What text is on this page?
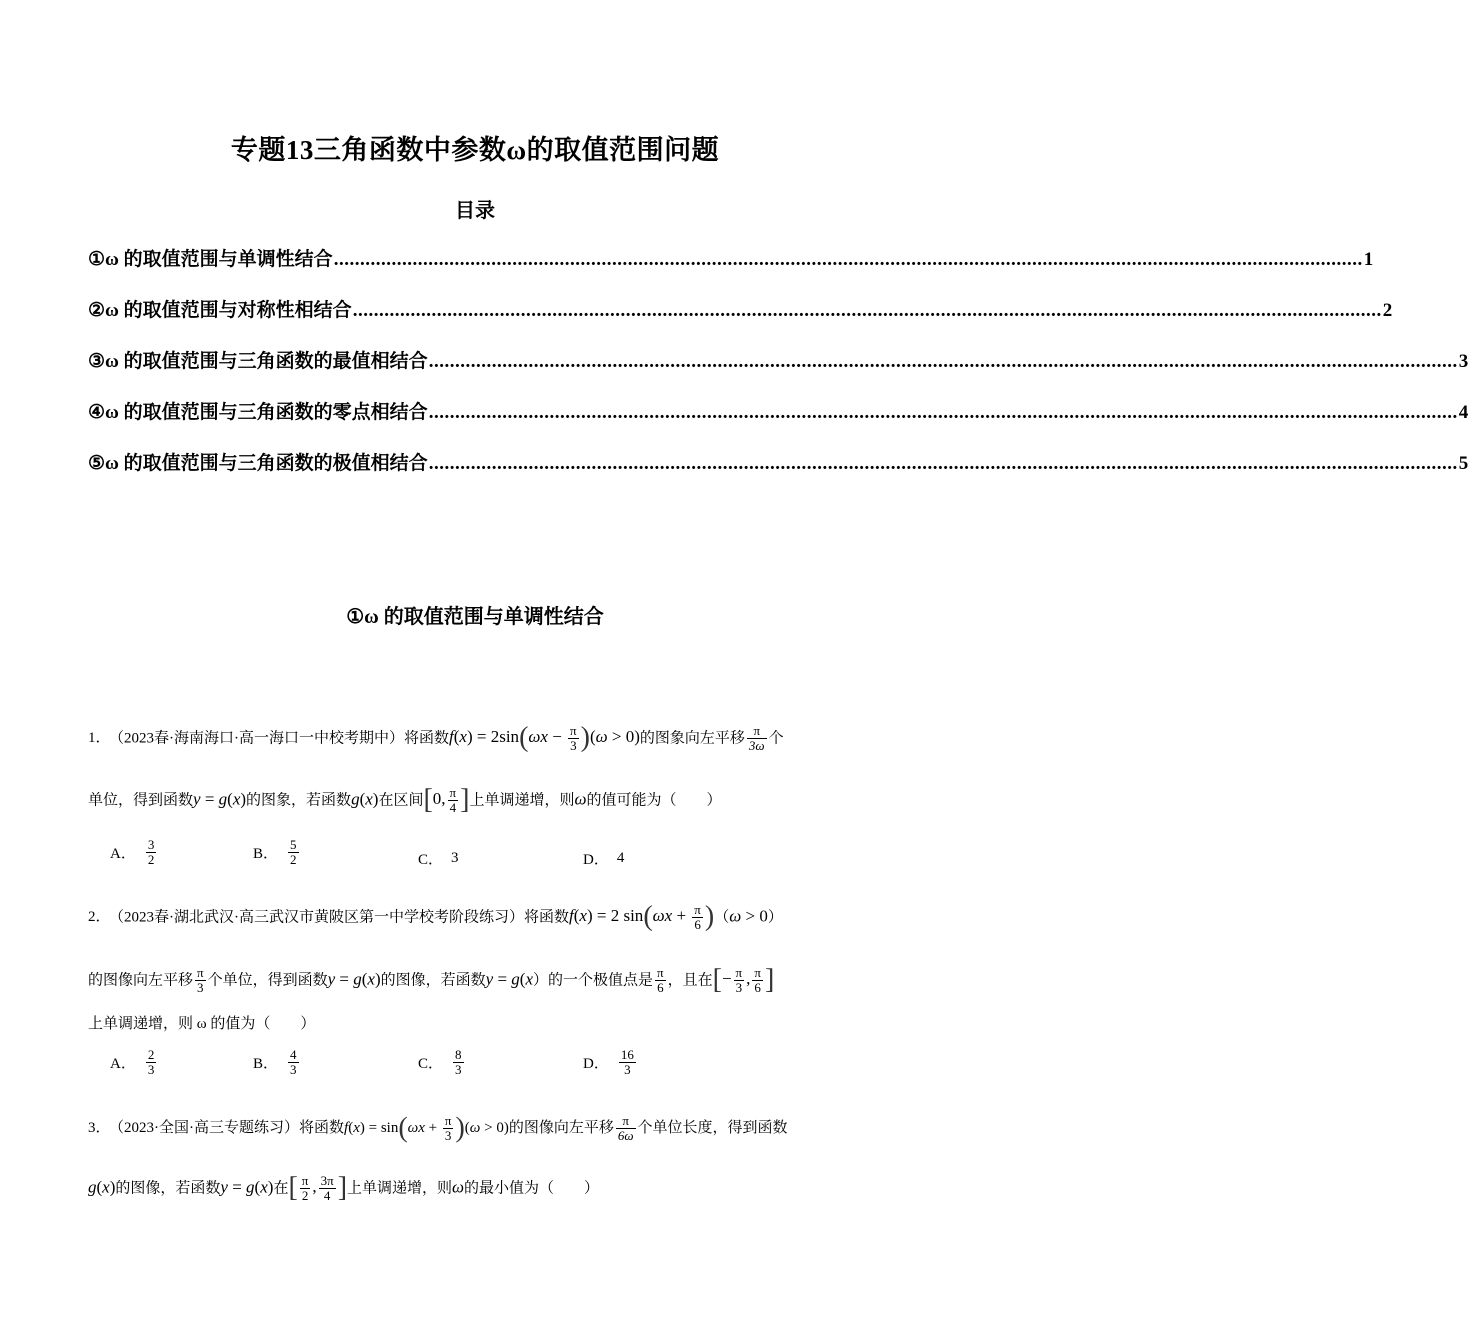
专题13三角函数中参数ω的取值范围问题
目录
①ω 的取值范围与单调性结合 .................................................................................................................................................................................................... 1
②ω 的取值范围与对称性相结合 .................................................................................................................................................................................................... 2
③ω 的取值范围与三角函数的最值相结合 .................................................................................................................................................................................................... 3
④ω 的取值范围与三角函数的零点相结合 .................................................................................................................................................................................................... 4
⑤ω 的取值范围与三角函数的极值相结合 .................................................................................................................................................................................................... 5
①ω 的取值范围与单调性结合
1． （2023春·海南海口·高一海口一中校考期中）将函数$f(x) = 2\sin(\omega x - \frac{\pi}{3} )(\omega > 0)$的图象向左平移 $\frac{\pi}{3\omega}$ 个
单位，得到函数y = g(x)的图象，若函数g(x)在区间[0, $\frac{\pi}{4}$ ]上单调递增，则ω的值可能为（　　）
A． $\frac{3}{2}$	B． $\frac{5}{2}$	C． 3	D． 4
2． （2023春·湖北武汉·高三武汉市黄陂区第一中学校考阶段练习）将函数f(x) = 2 $\sin(\omega x + \frac{\pi}{6} )(\omega > 0)$
的图像向左平移 $\frac{\pi}{3}$ 个单位，得到函数y = g(x)的图像，若函数y = g(x）的一个极值点是 $\frac{\pi}{6}$ ，且在[− $\frac{\pi}{3}$ , $\frac{\pi}{6}$ ]
上单调递增，则 ω 的值为（　　）
A． $\frac{2}{3}$	B． $\frac{4}{3}$	C． $\frac{8}{3}$	D． $\frac{16}{3}$
3． （2023·全国·高三专题练习）将函数$f(x) = \sin(\omega x + \frac{\pi}{3} )(\omega > 0)$的图像向左平移 $\frac{\pi}{6\omega}$ 个单位长度，得到函数
g(x)的图像，若函数y = g(x)在[ $\frac{\pi}{2}$ , $\frac{3\pi}{4}$ ]上单调递增，则ω的最小值为（　　）
